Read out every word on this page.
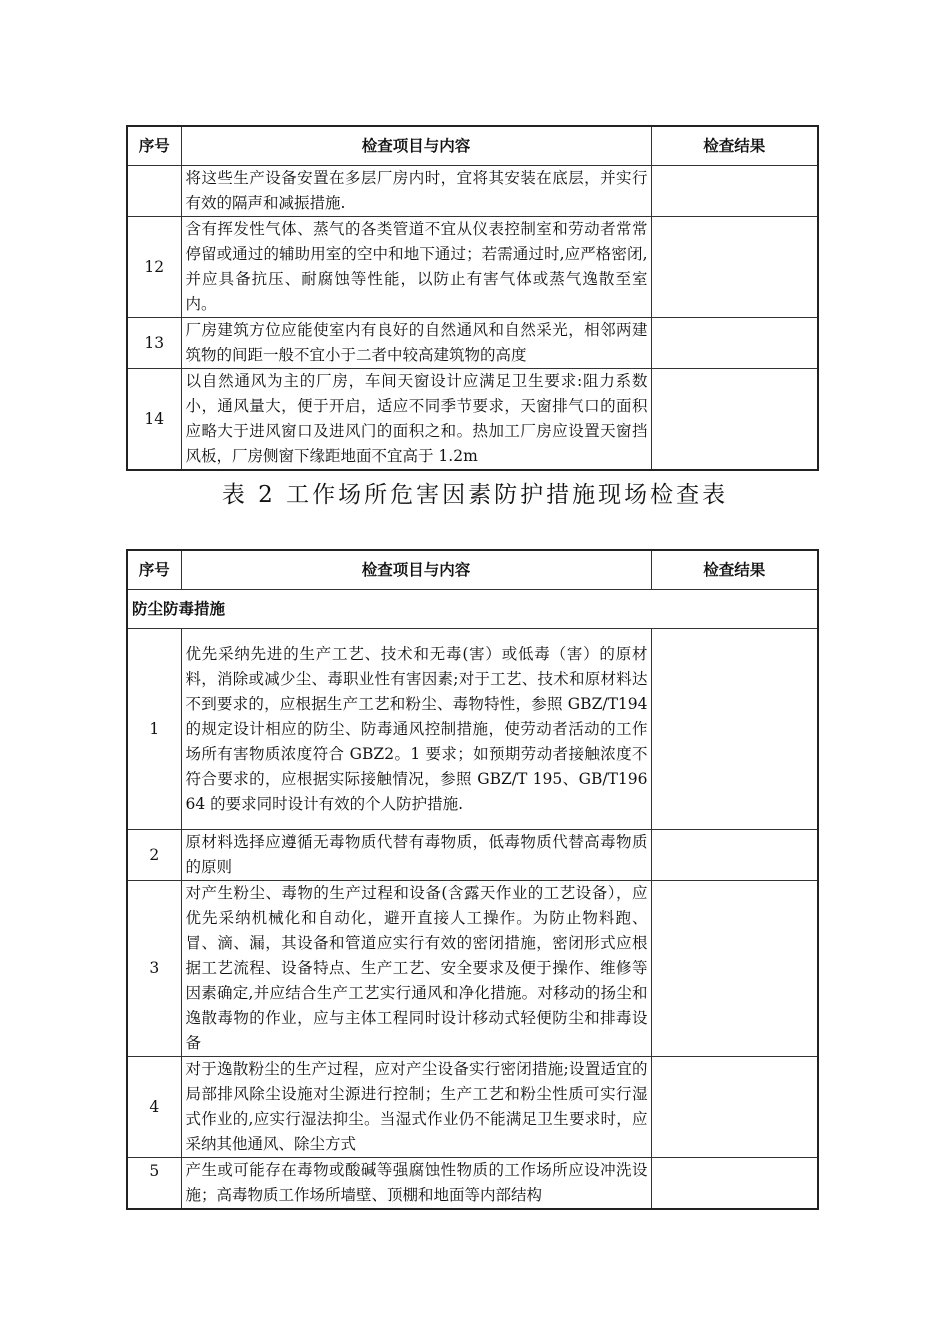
序号	检查项目与内容	检查结果
	将这些生产设备安置在多层厂房内时，宜将其安装在底层，并实行有效的隔声和减振措施.	
12	含有挥发性气体、蒸气的各类管道不宜从仪表控制室和劳动者常常停留或通过的辅助用室的空中和地下通过；若需通过时,应严格密闭,并应具备抗压、耐腐蚀等性能，以防止有害气体或蒸气逸散至室内。	
13	厂房建筑方位应能使室内有良好的自然通风和自然采光，相邻两建筑物的间距一般不宜小于二者中较高建筑物的高度	
14	以自然通风为主的厂房，车间天窗设计应满足卫生要求:阻力系数小，通风量大，便于开启，适应不同季节要求，天窗排气口的面积应略大于进风窗口及进风门的面积之和。热加工厂房应设置天窗挡风板，厂房侧窗下缘距地面不宜高于 1.2m	
表 2 工作场所危害因素防护措施现场检查表
序号	检查项目与内容	检查结果
防尘防毒措施		
1	优先采纳先进的生产工艺、技术和无毒(害）或低毒（害）的原材料，消除或减少尘、毒职业性有害因素;对于工艺、技术和原材料达不到要求的，应根据生产工艺和粉尘、毒物特性，参照 GBZ/T194 的规定设计相应的防尘、防毒通风控制措施，使劳动者活动的工作场所有害物质浓度符合 GBZ2。1 要求；如预期劳动者接触浓度不符合要求的，应根据实际接触情况，参照 GBZ/T 195、GB/T19664 的要求同时设计有效的个人防护措施.	
2	原材料选择应遵循无毒物质代替有毒物质，低毒物质代替高毒物质的原则	
3	对产生粉尘、毒物的生产过程和设备(含露天作业的工艺设备），应优先采纳机械化和自动化，避开直接人工操作。为防止物料跑、冒、滴、漏，其设备和管道应实行有效的密闭措施，密闭形式应根据工艺流程、设备特点、生产工艺、安全要求及便于操作、维修等因素确定,并应结合生产工艺实行通风和净化措施。对移动的扬尘和逸散毒物的作业，应与主体工程同时设计移动式轻便防尘和排毒设备	
4	对于逸散粉尘的生产过程，应对产尘设备实行密闭措施;设置适宜的局部排风除尘设施对尘源进行控制；生产工艺和粉尘性质可实行湿式作业的,应实行湿法抑尘。当湿式作业仍不能满足卫生要求时，应采纳其他通风、除尘方式	
5	产生或可能存在毒物或酸碱等强腐蚀性物质的工作场所应设冲洗设施；高毒物质工作场所墙壁、顶棚和地面等内部结构	
